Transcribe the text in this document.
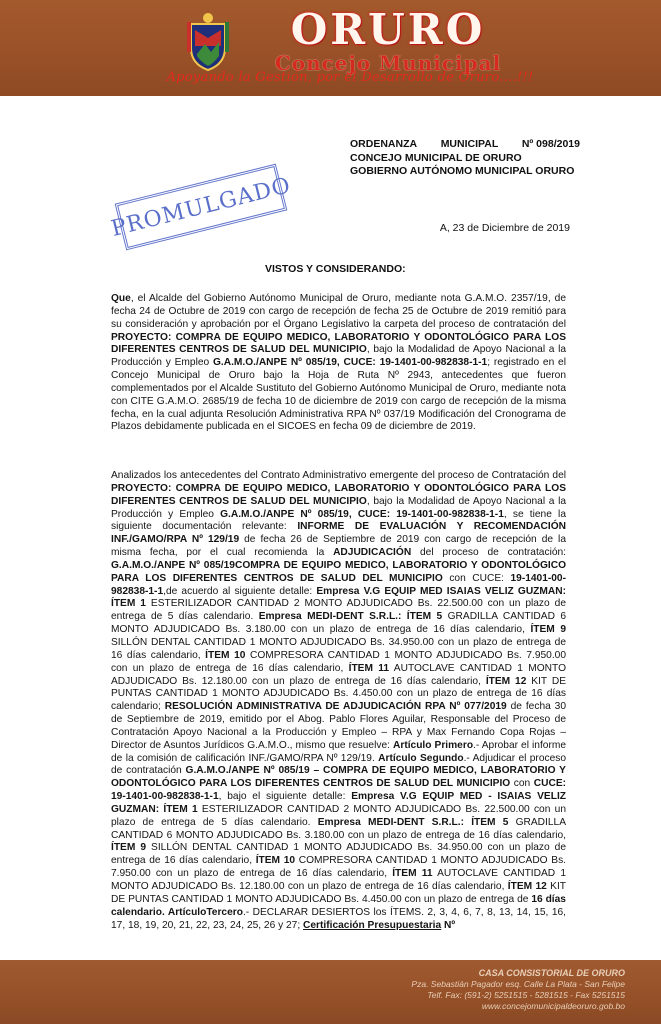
ORURO
Concejo Municipal
Apoyando la Gestión, por el Desarrollo de Oruro....!!!
PROMULGADO
ORDENANZA MUNICIPAL Nº 098/2019
CONCEJO MUNICIPAL DE ORURO
GOBIERNO AUTÓNOMO MUNICIPAL ORURO
A, 23 de Diciembre de 2019
VISTOS Y CONSIDERANDO:
Que, el Alcalde del Gobierno Autónomo Municipal de Oruro, mediante nota G.A.M.O. 2357/19, de fecha 24 de Octubre de 2019 con cargo de recepción de fecha 25 de Octubre de 2019 remitió para su consideración y aprobación por el Órgano Legislativo la carpeta del proceso de contratación del PROYECTO: COMPRA DE EQUIPO MEDICO, LABORATORIO Y ODONTOLÓGICO PARA LOS DIFERENTES CENTROS DE SALUD DEL MUNICIPIO, bajo la Modalidad de Apoyo Nacional a la Producción y Empleo G.A.M.O./ANPE Nº 085/19, CUCE: 19-1401-00-982838-1-1; registrado en el Concejo Municipal de Oruro bajo la Hoja de Ruta Nº 2943, antecedentes que fueron complementados por el Alcalde Sustituto del Gobierno Autónomo Municipal de Oruro, mediante nota con CITE G.A.M.O. 2685/19 de fecha 10 de diciembre de 2019 con cargo de recepción de la misma fecha, en la cual adjunta Resolución Administrativa RPA Nº 037/19 Modificación del Cronograma de Plazos debidamente publicada en el SICOES en fecha 09 de diciembre de 2019.
Analizados los antecedentes del Contrato Administrativo emergente del proceso de Contratación del PROYECTO: COMPRA DE EQUIPO MEDICO, LABORATORIO Y ODONTOLÓGICO PARA LOS DIFERENTES CENTROS DE SALUD DEL MUNICIPIO, bajo la Modalidad de Apoyo Nacional a la Producción y Empleo G.A.M.O./ANPE Nº 085/19, CUCE: 19-1401-00-982838-1-1, se tiene la siguiente documentación relevante: INFORME DE EVALUACIÓN Y RECOMENDACIÓN INF./GAMO/RPA Nº 129/19 de fecha 26 de Septiembre de 2019 con cargo de recepción de la misma fecha, por el cual recomienda la ADJUDICACIÓN del proceso de contratación: G.A.M.O./ANPE Nº 085/19COMPRA DE EQUIPO MEDICO, LABORATORIO Y ODONTOLÓGICO PARA LOS DIFERENTES CENTROS DE SALUD DEL MUNICIPIO con CUCE: 19-1401-00-982838-1-1,de acuerdo al siguiente detalle: Empresa V.G EQUIP MED ISAIAS VELIZ GUZMAN: ÍTEM 1 ESTERILIZADOR CANTIDAD 2 MONTO ADJUDICADO Bs. 22.500.00 con un plazo de entrega de 5 días calendario. Empresa MEDI-DENT S.R.L.: ÍTEM 5 GRADILLA CANTIDAD 6 MONTO ADJUDICADO Bs. 3.180.00 con un plazo de entrega de 16 días calendario, ÍTEM 9 SILLÓN DENTAL CANTIDAD 1 MONTO ADJUDICADO Bs. 34.950.00 con un plazo de entrega de 16 días calendario, ÍTEM 10 COMPRESORA CANTIDAD 1 MONTO ADJUDICADO Bs. 7.950.00 con un plazo de entrega de 16 días calendario, ÍTEM 11 AUTOCLAVE CANTIDAD 1 MONTO ADJUDICADO Bs. 12.180.00 con un plazo de entrega de 16 días calendario, ÍTEM 12 KIT DE PUNTAS CANTIDAD 1 MONTO ADJUDICADO Bs. 4.450.00 con un plazo de entrega de 16 días calendario; RESOLUCIÓN ADMINISTRATIVA DE ADJUDICACIÓN RPA Nº 077/2019 de fecha 30 de Septiembre de 2019, emitido por el Abog. Pablo Flores Aguilar, Responsable del Proceso de Contratación Apoyo Nacional a la Producción y Empleo – RPA y Max Fernando Copa Rojas – Director de Asuntos Jurídicos G.A.M.O., mismo que resuelve: Artículo Primero.- Aprobar el informe de la comisión de calificación INF./GAMO/RPA Nº 129/19. Artículo Segundo.- Adjudicar el proceso de contratación G.A.M.O./ANPE Nº 085/19 – COMPRA DE EQUIPO MEDICO, LABORATORIO Y ODONTOLÓGICO PARA LOS DIFERENTES CENTROS DE SALUD DEL MUNICIPIO con CUCE: 19-1401-00-982838-1-1, bajo el siguiente detalle: Empresa V.G EQUIP MED - ISAIAS VELIZ GUZMAN: ÍTEM 1 ESTERILIZADOR CANTIDAD 2 MONTO ADJUDICADO Bs. 22.500.00 con un plazo de entrega de 5 días calendario. Empresa MEDI-DENT S.R.L.: ÍTEM 5 GRADILLA CANTIDAD 6 MONTO ADJUDICADO Bs. 3.180.00 con un plazo de entrega de 16 días calendario, ÍTEM 9 SILLÓN DENTAL CANTIDAD 1 MONTO ADJUDICADO Bs. 34.950.00 con un plazo de entrega de 16 días calendario, ÍTEM 10 COMPRESORA CANTIDAD 1 MONTO ADJUDICADO Bs. 7.950.00 con un plazo de entrega de 16 días calendario, ÍTEM 11 AUTOCLAVE CANTIDAD 1 MONTO ADJUDICADO Bs. 12.180.00 con un plazo de entrega de 16 días calendario, ÍTEM 12 KIT DE PUNTAS CANTIDAD 1 MONTO ADJUDICADO Bs. 4.450.00 con un plazo de entrega de 16 días calendario. ArtículoTercero.- DECLARAR DESIERTOS los ÍTEMS. 2, 3, 4, 6, 7, 8, 13, 14, 15, 16, 17, 18, 19, 20, 21, 22, 23, 24, 25, 26 y 27; Certificación Presupuestaria Nº
CASA CONSISTORIAL DE ORURO
Pza. Sebastián Pagador esq. Calle La Plata - San Felipe
Telf. Fax: (591-2) 5251515 - 5281515 - Fax 5251515
www.concejomunicipaldeoruro.gob.bo
